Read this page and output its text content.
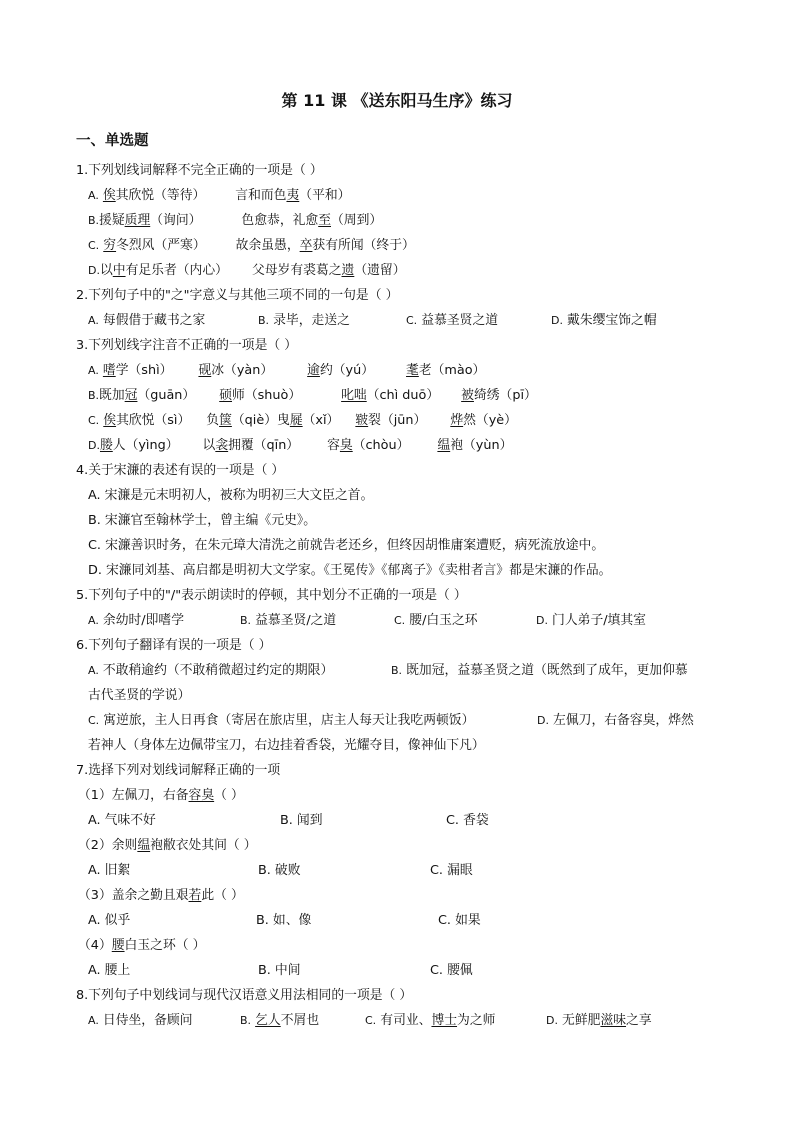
第 11 课 《送东阳马生序》练习
一、单选题
1.下列划线词解释不完全正确的一项是（ ）
A. 俟其欣悦（等待） 言和而色夷（平和）
B.援疑质理（询问）	色愈恭，礼愈至（周到）
C. 穷冬烈风（严寒） 故余虽愚，卒获有所闻（终于）
D.以中有足乐者（内心） 父母岁有裘葛之遗（遗留）
2.下列句子中的"之"字意义与其他三项不同的一句是（ ）
A. 每假借于藏书之家	B. 录毕，走送之	C. 益慕圣贤之道	D. 戴朱缨宝饰之帽
3.下列划线字注音不正确的一项是（ ）
A. 嗜学（shì） 砚冰（yàn）	逾约（yú）	耄老（mào）
B.既加冠（guān） 硕师（shuò）	叱咄（chì duō） 被绮绣（pī）
C. 俟其欣悦（sì） 负箧（qiè）曳屣（xǐ） 皲裂（jūn） 烨然（yè）
D.媵人（yìng） 以衾拥覆（qīn） 容臭（chòu） 缊袍（yùn）
4.关于宋濂的表述有误的一项是（ ）
A. 宋濂是元末明初人，被称为明初三大文臣之首。
B. 宋濂官至翰林学士，曾主编《元史》。
C. 宋濂善识时务，在朱元璋大清洗之前就告老还乡，但终因胡惟庸案遭贬，病死流放途中。
D. 宋濂同刘基、高启都是明初大文学家。《王冕传》《郁离子》《卖柑者言》都是宋濂的作品。
5.下列句子中的"/"表示朗读时的停顿，其中划分不正确的一项是（ ）
A. 余幼时/即嗜学	B. 益慕圣贤/之道	C. 腰/白玉之环	D. 门人弟子/填其室
6.下列句子翻译有误的一项是（ ）
A. 不敢稍逾约（不敢稍微超过约定的期限）	B. 既加冠，益慕圣贤之道（既然到了成年，更加仰慕
古代圣贤的学说）
C. 寓逆旅，主人日再食（寄居在旅店里，店主人每天让我吃两顿饭）	D. 左佩刀，右备容臭，烨然
若神人（身体左边佩带宝刀，右边挂着香袋，光耀夺目，像神仙下凡）
7.选择下列对划线词解释正确的一项
（1）左佩刀，右备容臭（ ）
A. 气味不好	B. 闻到	C. 香袋
（2）余则缊袍敝衣处其间（ ）
A. 旧絮	B. 破败	C. 漏眼
（3）盖余之勤且艰若此（ ）
A. 似乎	B. 如、像	C. 如果
（4）腰白玉之环（ ）
A. 腰上	B. 中间	C. 腰佩
8.下列句子中划线词与现代汉语意义用法相同的一项是（ ）
A. 日侍坐，备顾问	B. 乞人不屑也	C. 有司业、博士为之师	D. 无鲜肥滋味之享
